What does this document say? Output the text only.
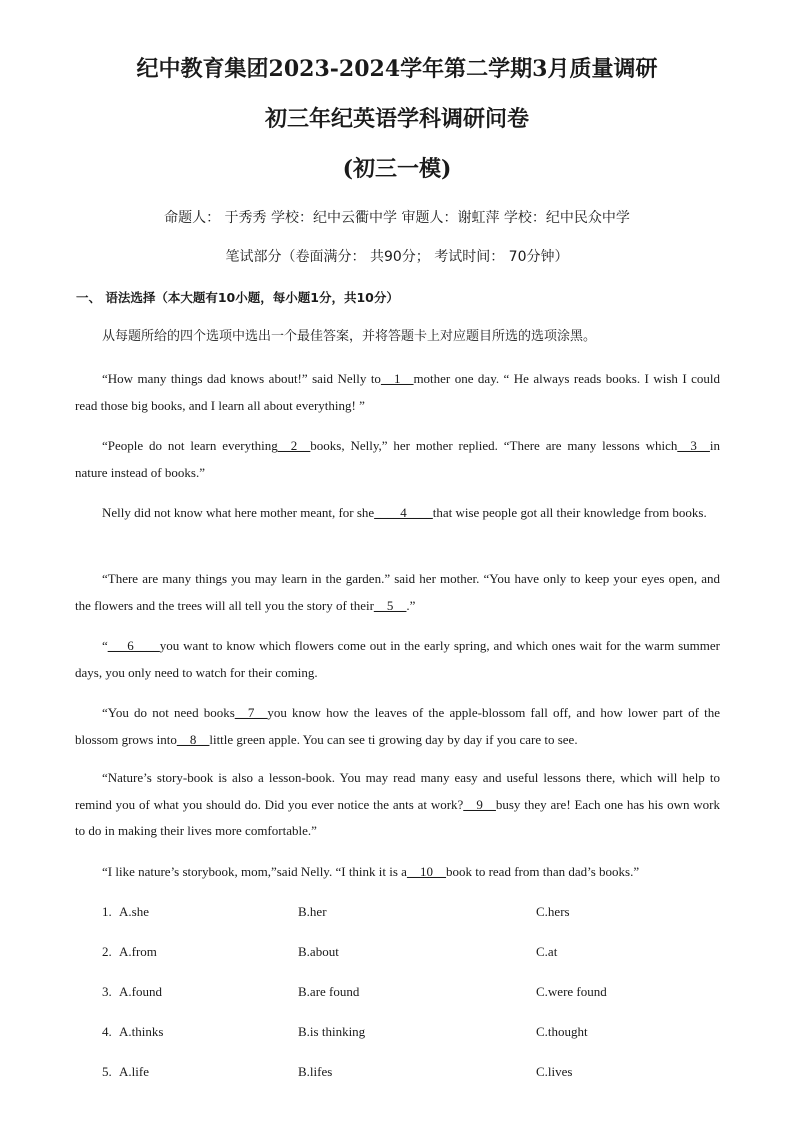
纪中教育集团2023-2024学年第二学期3月质量调研
初三年纪英语学科调研问卷
(初三一模)
命题人： 于秀秀 学校：纪中云衢中学 审题人：谢虹萍 学校：纪中民众中学
笔试部分（卷面满分： 共90分； 考试时间： 70分钟）
一、 语法选择（本大题有10小题，每小题1分，共10分）
从每题所给的四个选项中选出一个最佳答案，并将答题卡上对应题目所选的选项涂黑。

“How many things dad knows about!” said Nelly to__1__mother one day. “ He always reads books. I wish I could read those big books, and I learn all about everything! ”

“People do not learn everything__2__books, Nelly,” her mother replied. “There are many lessons which__3__in nature instead of books.”

Nelly did not know what here mother meant, for she____4____that wise people got all their knowledge from books.

“There are many things you may learn in the garden.” said her mother. “You have only to keep your eyes open, and the flowers and the trees will all tell you the story of their__5__.”

“___6____you want to know which flowers come out in the early spring, and which ones wait for the warm summer days, you only need to watch for their coming.

“You do not need books__7__you know how the leaves of the apple-blossom fall off, and how lower part of the blossom grows into__8__little green apple. You can see ti growing day by day if you care to see.

“Nature’s story-book is also a lesson-book. You may read many easy and useful lessons there, which will help to remind you of what you should do. Did you ever notice the ants at work?__9__busy they are! Each one has his own work to do in making their lives more comfortable.”

“I like nature’s storybook, mom,”said Nelly. “I think it is a__10__book to read from than dad’s books.”

1. A.she	B.her	C.hers
2. A.from	B.about	C.at
3. A.found	B.are found	C.were found
4. A.thinks	B.is thinking	C.thought
5. A.life	B.lifes	C.lives
